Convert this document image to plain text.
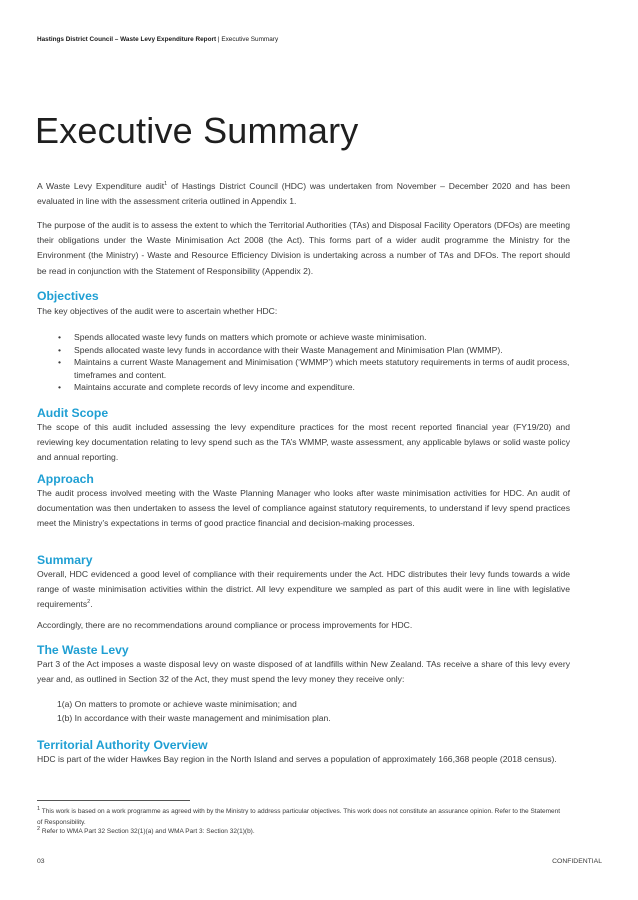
Hastings District Council – Waste Levy Expenditure Report | Executive Summary
Executive Summary

A Waste Levy Expenditure audit$^1$ of Hastings District Council (HDC) was undertaken from November – December 2020 and has been evaluated in line with the assessment criteria outlined in Appendix 1.

The purpose of the audit is to assess the extent to which the Territorial Authorities (TAs) and Disposal Facility Operators (DFOs) are meeting their obligations under the Waste Minimisation Act 2008 (the Act). This forms part of a wider audit programme the Ministry for the Environment (the Ministry) - Waste and Resource Efficiency Division is undertaking across a number of TAs and DFOs. The report should be read in conjunction with the Statement of Responsibility (Appendix 2).

Objectives

The key objectives of the audit were to ascertain whether HDC:

• Spends allocated waste levy funds on matters which promote or achieve waste minimisation.
• Spends allocated waste levy funds in accordance with their Waste Management and Minimisation Plan (WMMP).
• Maintains a current Waste Management and Minimisation (‘WMMP’) which meets statutory requirements in terms of audit process, timeframes and content.
• Maintains accurate and complete records of levy income and expenditure.
Audit Scope

The scope of this audit included assessing the levy expenditure practices for the most recent reported financial year (FY19/20) and reviewing key documentation relating to levy spend such as the TA’s WMMP, waste assessment, any applicable bylaws or solid waste policy and annual reporting.

Approach

The audit process involved meeting with the Waste Planning Manager who looks after waste minimisation activities for HDC. An audit of documentation was then undertaken to assess the level of compliance against statutory requirements, to understand if levy spend practices meet the Ministry’s expectations in terms of good practice financial and decision-making processes.

Summary

Overall, HDC evidenced a good level of compliance with their requirements under the Act. HDC distributes their levy funds towards a wide range of waste minimisation activities within the district. All levy expenditure we sampled as part of this audit were in line with legislative requirements$^2$.

Accordingly, there are no recommendations around compliance or process improvements for HDC.

The Waste Levy

Part 3 of the Act imposes a waste disposal levy on waste disposed of at landfills within New Zealand. TAs receive a share of this levy every year and, as outlined in Section 32 of the Act, they must spend the levy money they receive only:

1(a) On matters to promote or achieve waste minimisation; and
1(b) In accordance with their waste management and minimisation plan.
Territorial Authority Overview

HDC is part of the wider Hawkes Bay region in the North Island and serves a population of approximately 166,368 people (2018 census).

$^1$ This work is based on a work programme as agreed with by the Ministry to address particular objectives. This work does not constitute an assurance opinion. Refer to the Statement of Responsibility.

$^2$ Refer to WMA Part 32 Section 32(1)(a) and WMA Part 3: Section 32(1)(b).

03	CONFIDENTIAL
